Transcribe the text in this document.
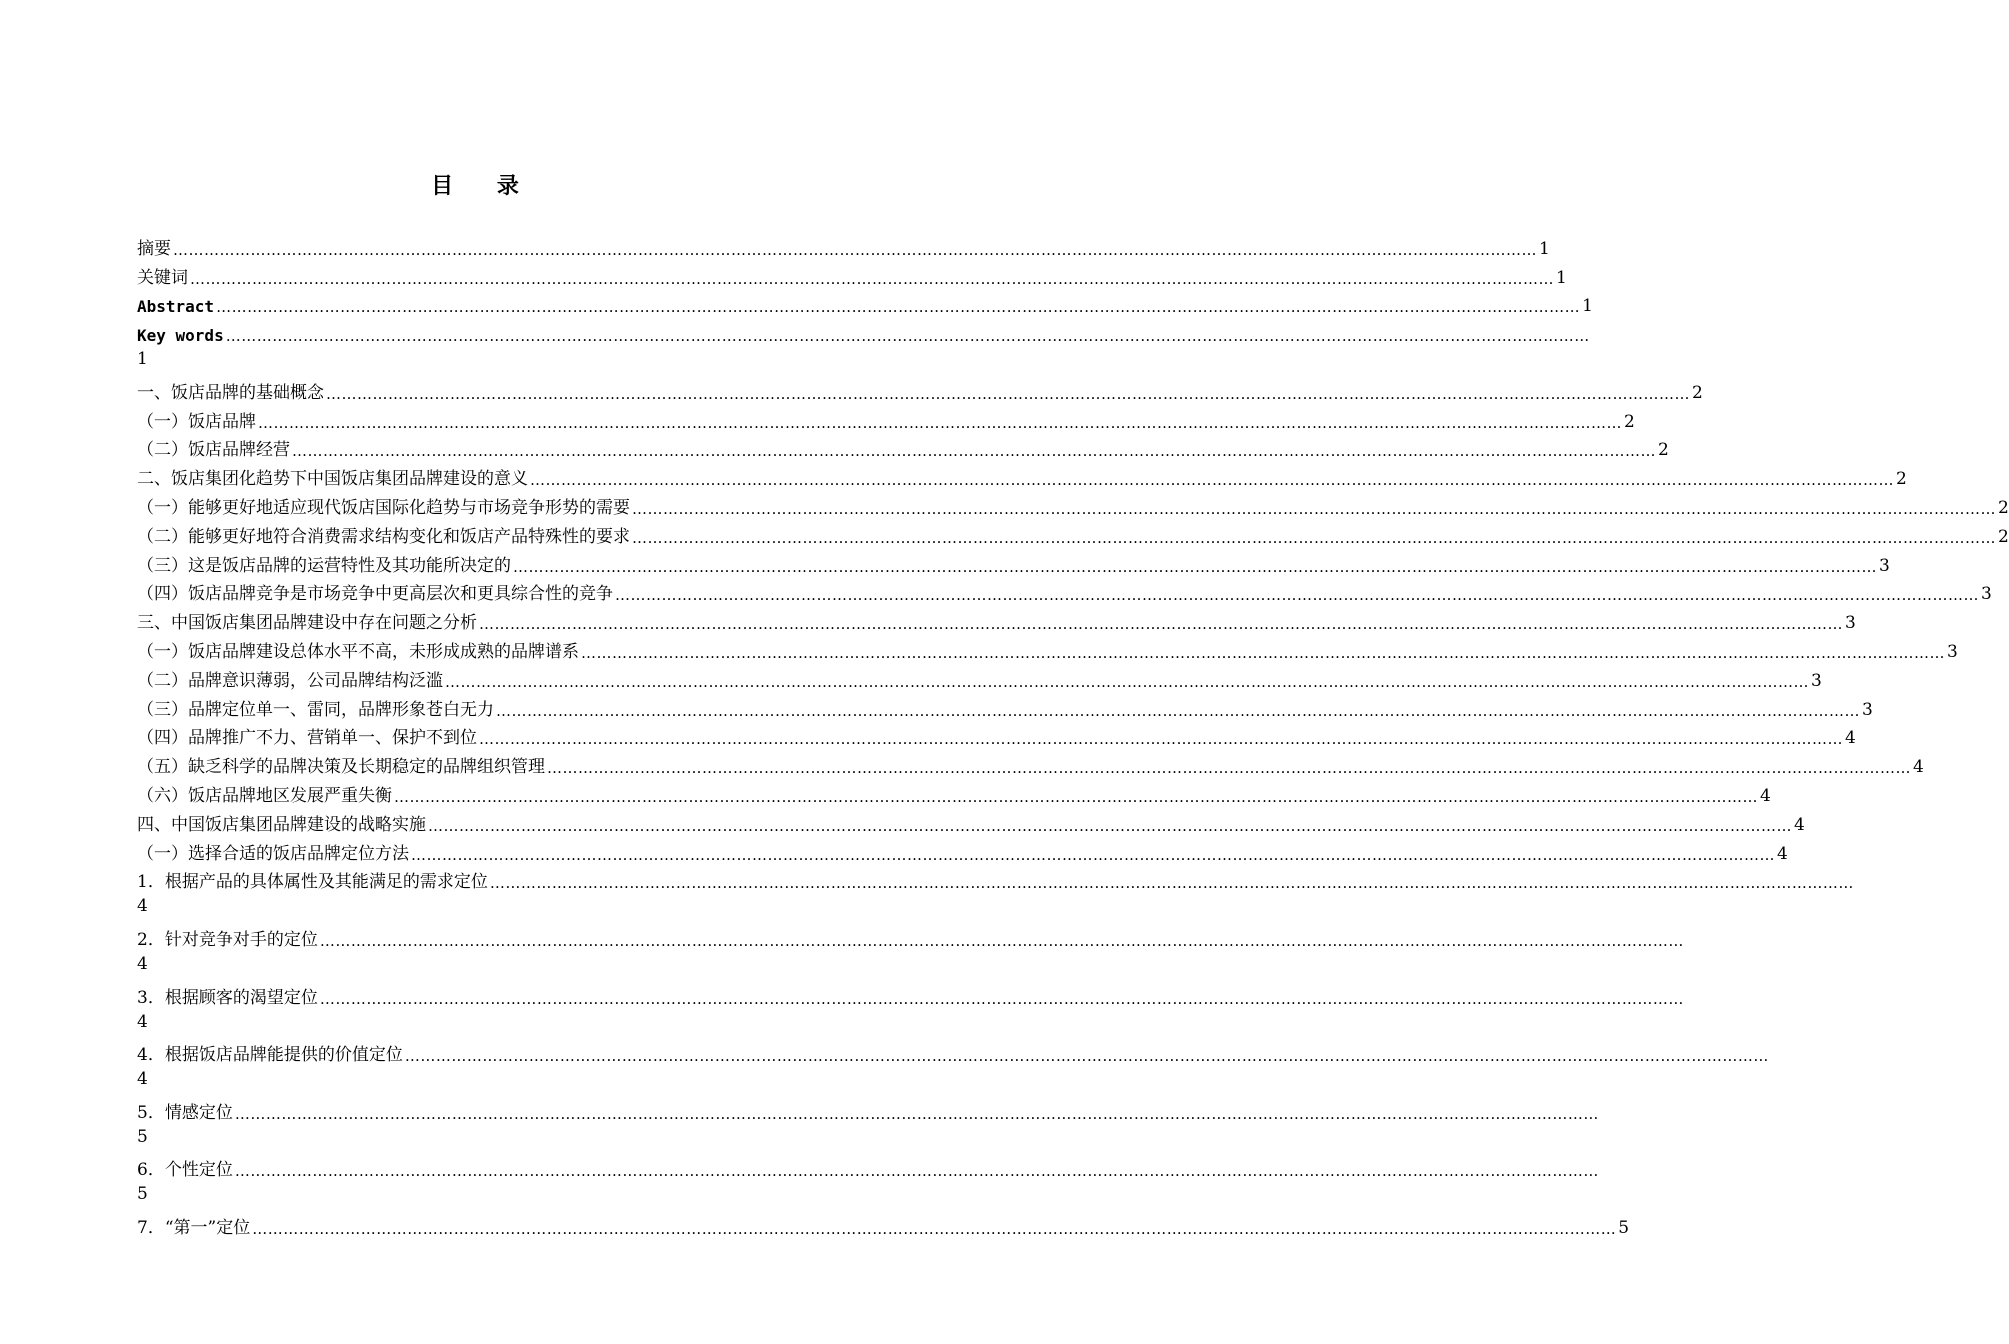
目 录
摘要 ………………………………………………………………………………………………………………………………………………………………………………………………………………………………………… 1
关键词 ………………………………………………………………………………………………………………………………………………………………………………………………………………………………………… 1
Abstract ………………………………………………………………………………………………………………………………………………………………………………………………………………………………………… 1
Key words …………………………………………………………………………………………………………………………………………………………………………………………………………………………………………
1
一、饭店品牌的基础概念 ………………………………………………………………………………………………………………………………………………………………………………………………………………………………………… 2
（一）饭店品牌 ………………………………………………………………………………………………………………………………………………………………………………………………………………………………………… 2
（二）饭店品牌经营 ………………………………………………………………………………………………………………………………………………………………………………………………………………………………………… 2
二、饭店集团化趋势下中国饭店集团品牌建设的意义 ………………………………………………………………………………………………………………………………………………………………………………………………………………………………………… 2
（一）能够更好地适应现代饭店国际化趋势与市场竞争形势的需要 ………………………………………………………………………………………………………………………………………………………………………………………………………………………………………… 2
（二）能够更好地符合消费需求结构变化和饭店产品特殊性的要求 ………………………………………………………………………………………………………………………………………………………………………………………………………………………………………… 2
（三）这是饭店品牌的运营特性及其功能所决定的 ………………………………………………………………………………………………………………………………………………………………………………………………………………………………………… 3
（四）饭店品牌竞争是市场竞争中更高层次和更具综合性的竞争 ………………………………………………………………………………………………………………………………………………………………………………………………………………………………………… 3
三、中国饭店集团品牌建设中存在问题之分析 ………………………………………………………………………………………………………………………………………………………………………………………………………………………………………… 3
（一）饭店品牌建设总体水平不高，未形成成熟的品牌谱系 ………………………………………………………………………………………………………………………………………………………………………………………………………………………………………… 3
（二）品牌意识薄弱，公司品牌结构泛滥 ………………………………………………………………………………………………………………………………………………………………………………………………………………………………………… 3
（三）品牌定位单一、雷同，品牌形象苍白无力 ………………………………………………………………………………………………………………………………………………………………………………………………………………………………………… 3
（四）品牌推广不力、营销单一、保护不到位 ………………………………………………………………………………………………………………………………………………………………………………………………………………………………………… 4
（五）缺乏科学的品牌决策及长期稳定的品牌组织管理 ………………………………………………………………………………………………………………………………………………………………………………………………………………………………………… 4
（六）饭店品牌地区发展严重失衡 ………………………………………………………………………………………………………………………………………………………………………………………………………………………………………… 4
四、中国饭店集团品牌建设的战略实施 ………………………………………………………………………………………………………………………………………………………………………………………………………………………………………… 4
（一）选择合适的饭店品牌定位方法 ………………………………………………………………………………………………………………………………………………………………………………………………………………………………………… 4
1．根据产品的具体属性及其能满足的需求定位 …………………………………………………………………………………………………………………………………………………………………………………………………………………………………………
4
2．针对竞争对手的定位 …………………………………………………………………………………………………………………………………………………………………………………………………………………………………………
4
3．根据顾客的渴望定位 …………………………………………………………………………………………………………………………………………………………………………………………………………………………………………
4
4．根据饭店品牌能提供的价值定位 …………………………………………………………………………………………………………………………………………………………………………………………………………………………………………
4
5．情感定位 …………………………………………………………………………………………………………………………………………………………………………………………………………………………………………
5
6．个性定位 …………………………………………………………………………………………………………………………………………………………………………………………………………………………………………
5
7．“第一”定位 ………………………………………………………………………………………………………………………………………………………………………………………………………………………………………… 5
